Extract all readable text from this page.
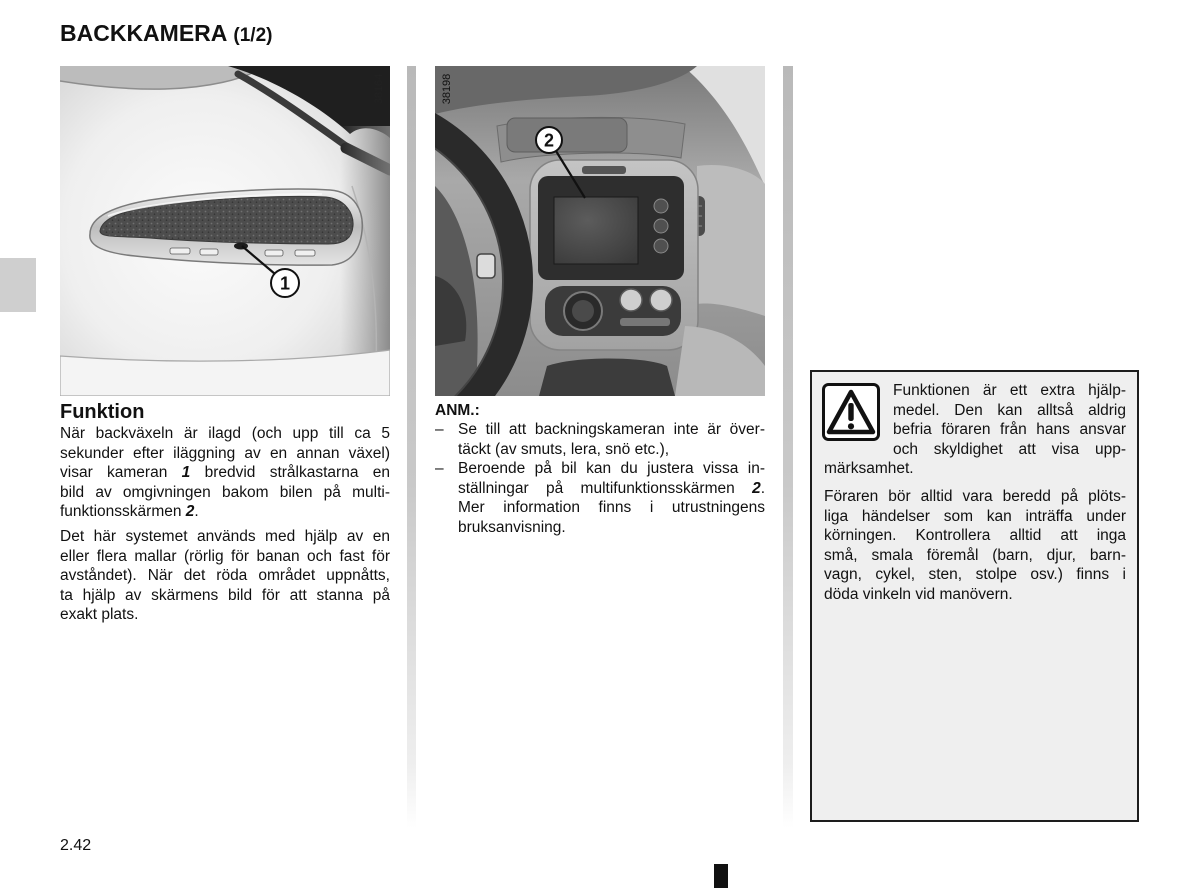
BACKKAMERA (1/2)
1
38164
2
38198
Funktion
När backväxeln är ilagd (och upp till ca 5
sekunder efter iläggning av en annan växel)
visar kameran 1 bredvid strålkastarna en
bild av omgivningen bakom bilen på multi-
funktionsskärmen 2.
Det här systemet används med hjälp av en
eller flera mallar (rörlig för banan och fast för
avståndet). När det röda området uppnåtts,
ta hjälp av skärmens bild för att stanna på
exakt plats.
ANM.:
– Se till att backningskameran inte är över-
täckt (av smuts, lera, snö etc.),
– Beroende på bil kan du justera vissa in-
ställningar på multifunktionsskärmen 2.
Mer information finns i utrustningens
bruksanvisning.
Funktionen är ett extra hjälp-
medel. Den kan alltså aldrig
befria föraren från hans ansvar
och skyldighet att visa upp-
märksamhet.
Föraren bör alltid vara beredd på plöts-
liga händelser som kan inträffa under
körningen. Kontrollera alltid att inga
små, smala föremål (barn, djur, barn-
vagn, cykel, sten, stolpe osv.) finns i
döda vinkeln vid manövern.
2.42
